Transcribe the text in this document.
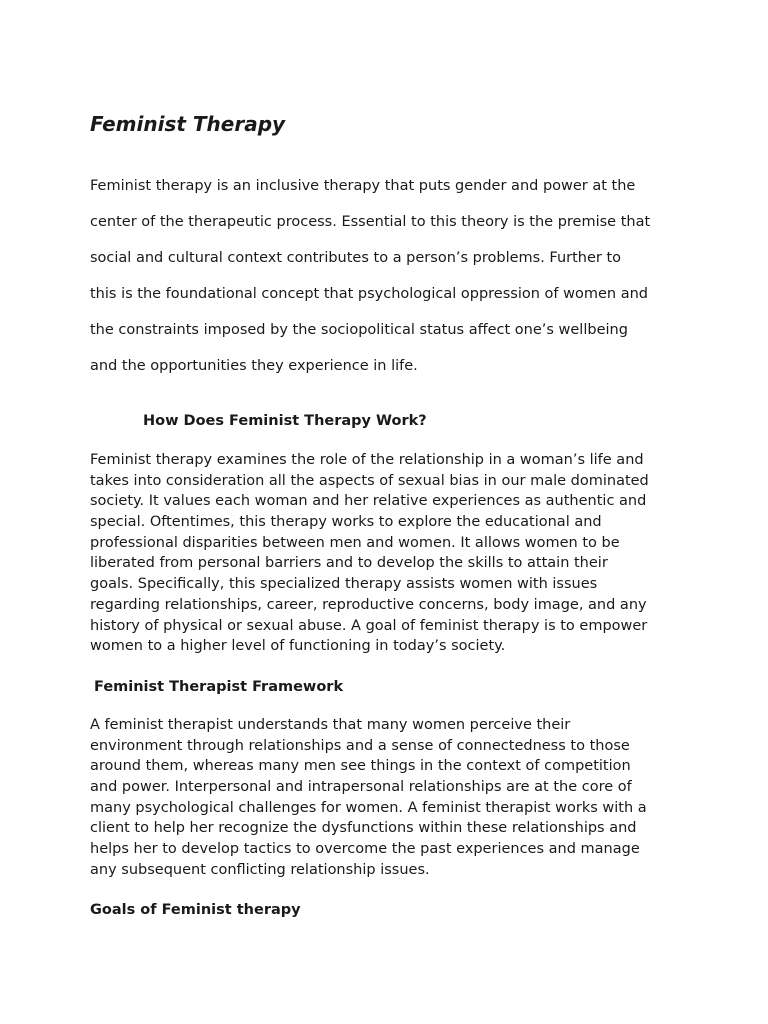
Feminist Therapy
Feminist therapy is an inclusive therapy that puts gender and power at the
center of the therapeutic process. Essential to this theory is the premise that
social and cultural context contributes to a person’s problems. Further to
this is the foundational concept that psychological oppression of women and
the constraints imposed by the sociopolitical status affect one’s wellbeing
and the opportunities they experience in life.
How Does Feminist Therapy Work?
Feminist therapy examines the role of the relationship in a woman’s life and
takes into consideration all the aspects of sexual bias in our male dominated
society. It values each woman and her relative experiences as authentic and
special. Oftentimes, this therapy works to explore the educational and
professional disparities between men and women. It allows women to be
liberated from personal barriers and to develop the skills to attain their
goals. Specifically, this specialized therapy assists women with issues
regarding relationships, career, reproductive concerns, body image, and any
history of physical or sexual abuse. A goal of feminist therapy is to empower
women to a higher level of functioning in today’s society.
Feminist Therapist Framework
A feminist therapist understands that many women perceive their
environment through relationships and a sense of connectedness to those
around them, whereas many men see things in the context of competition
and power. Interpersonal and intrapersonal relationships are at the core of
many psychological challenges for women. A feminist therapist works with a
client to help her recognize the dysfunctions within these relationships and
helps her to develop tactics to overcome the past experiences and manage
any subsequent conflicting relationship issues.
Goals of Feminist therapy
